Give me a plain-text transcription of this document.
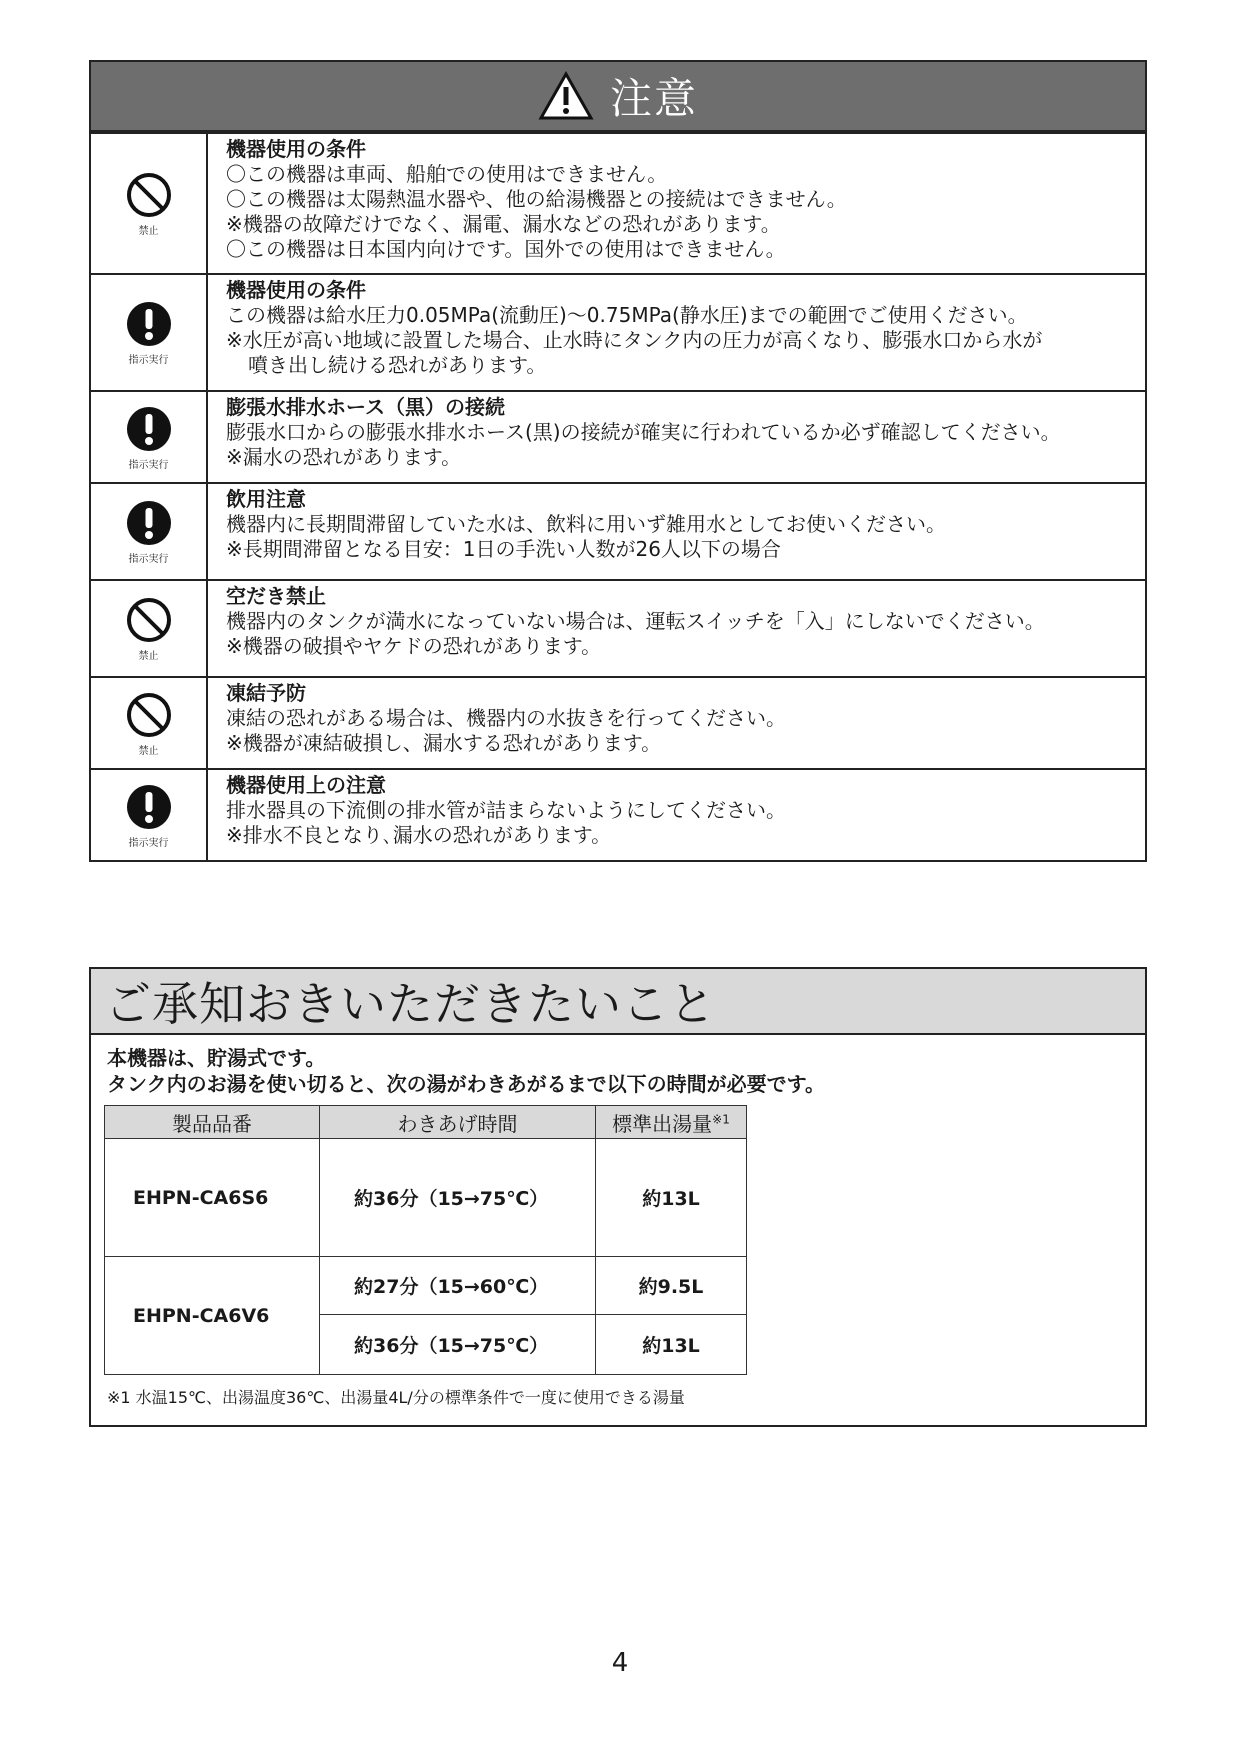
注意
禁止
機器使用の条件
〇この機器は車両、船舶での使用はできません。
〇この機器は太陽熱温水器や、他の給湯機器との接続はできません。
※機器の故障だけでなく、漏電、漏水などの恐れがあります。
〇この機器は日本国内向けです。国外での使用はできません。
指示実行
機器使用の条件
この機器は給水圧力0.05MPa(流動圧)～0.75MPa(静水圧)までの範囲でご使用ください。
※水圧が高い地域に設置した場合、止水時にタンク内の圧力が高くなり、膨張水口から水が
噴き出し続ける恐れがあります。
指示実行
膨張水排水ホース（黒）の接続
膨張水口からの膨張水排水ホース(黒)の接続が確実に行われているか必ず確認してください。
※漏水の恐れがあります。
指示実行
飲用注意
機器内に長期間滞留していた水は、飲料に用いず雑用水としてお使いください。
※長期間滞留となる目安：1日の手洗い人数が26人以下の場合
禁止
空だき禁止
機器内のタンクが満水になっていない場合は、運転スイッチを「入」にしないでください。
※機器の破損やヤケドの恐れがあります。
禁止
凍結予防
凍結の恐れがある場合は、機器内の水抜きを行ってください。
※機器が凍結破損し、漏水する恐れがあります。
指示実行
機器使用上の注意
排水器具の下流側の排水管が詰まらないようにしてください。
※排水不良となり､漏水の恐れがあります。
ご承知おきいただきたいこと
本機器は、貯湯式です。
タンク内のお湯を使い切ると、次の湯がわきあがるまで以下の時間が必要です。
製品品番	わきあげ時間	標準出湯量$^{※1}$
EHPN-CA6S6	約36分（15→75℃）	約13L
EHPN-CA6V6	約27分（15→60℃）	約9.5L
	約36分（15→75℃）	約13L
※1 水温15℃、出湯温度36℃、出湯量4L/分の標準条件で一度に使用できる湯量
4
